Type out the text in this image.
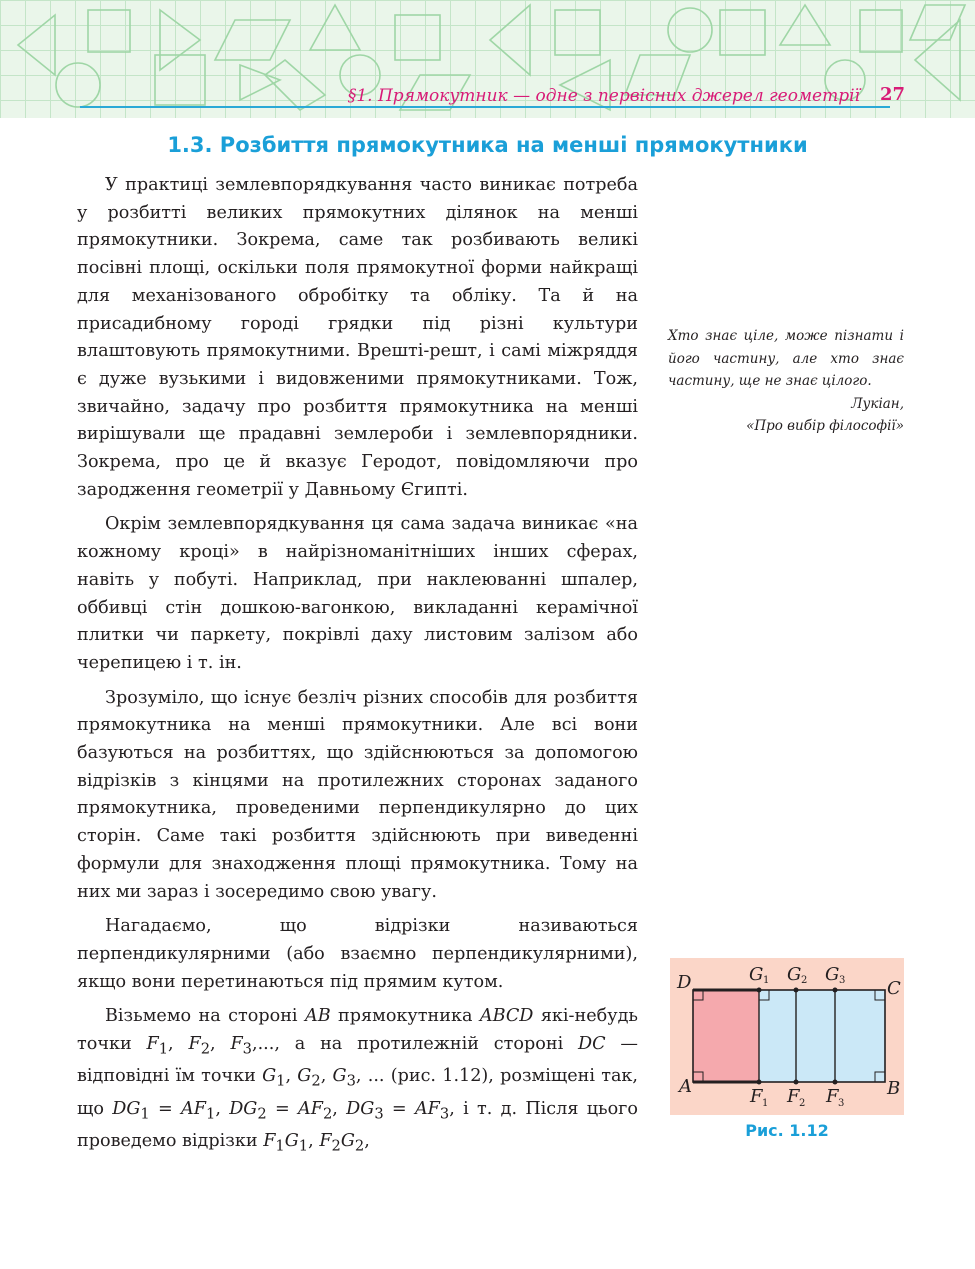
§1. Прямокутник — одне з первісних джерел геометрії 27
1.3. Розбиття прямокутника на менші прямокутники

У практиці землевпорядкування часто виникає потреба у розбитті великих прямокутних ділянок на менші прямокутники. Зокрема, саме так розбивають великі посівні площі, оскільки поля прямокутної форми найкращі для механізованого обробітку та обліку. Та й на присадибному городі грядки під різні культури влаштовують прямокутними. Врешті-решт, і самі міжряддя є дуже вузькими і видовженими прямокутниками. Тож, звичайно, задачу про розбиття прямокутника на менші вирішували ще прадавні землероби і землевпорядники. Зокрема, про це й вказує Геродот, повідомляючи про зародження геометрії у Давньому Єгипті.

Окрім землевпорядкування ця сама задача виникає «на кожному кроці» в найрізноманітніших інших сферах, навіть у побуті. Наприклад, при наклеюванні шпалер, оббивці стін дошкою-вагонкою, викладанні керамічної плитки чи паркету, покрівлі даху листовим залізом або черепицею і т. ін.

Зрозуміло, що існує безліч різних способів для розбиття прямокутника на менші прямокутники. Але всі вони базуються на розбиттях, що здійснюються за допомогою відрізків з кінцями на протилежних сторонах заданого прямокутника, проведеними перпендикулярно до цих сторін. Саме такі розбиття здійснюють при виведенні формули для знаходження площі прямокутника. Тому на них ми зараз і зосередимо свою увагу.

Нагадаємо, що відрізки називаються перпендикулярними (або взаємно перпендикулярними), якщо вони перетинаються під прямим кутом.

Візьмемо на стороні AB прямокутника ABCD які-небудь точки $F_1$, $F_2$, $F_3$,..., а на протилежній стороні DC — відповідні їм точки $G_1$, $G_2$, $G_3$, ... (рис. 1.12), розміщені так, що $DG_1 = AF_1$, $DG_2 = AF_2$, $DG_3 = AF_3$, і т. д. Після цього проведемо відрізки $F_1G_1$, $F_2G_2$,

Хто знає ціле, може пізнати і його частину, але хто знає частину, ще не знає цілого.

Лукіан,

«Про вибір філософії»

D	C
A	B
G 1 G 2 G 3
F 1 F 2 F 3
Рис. 1.12
